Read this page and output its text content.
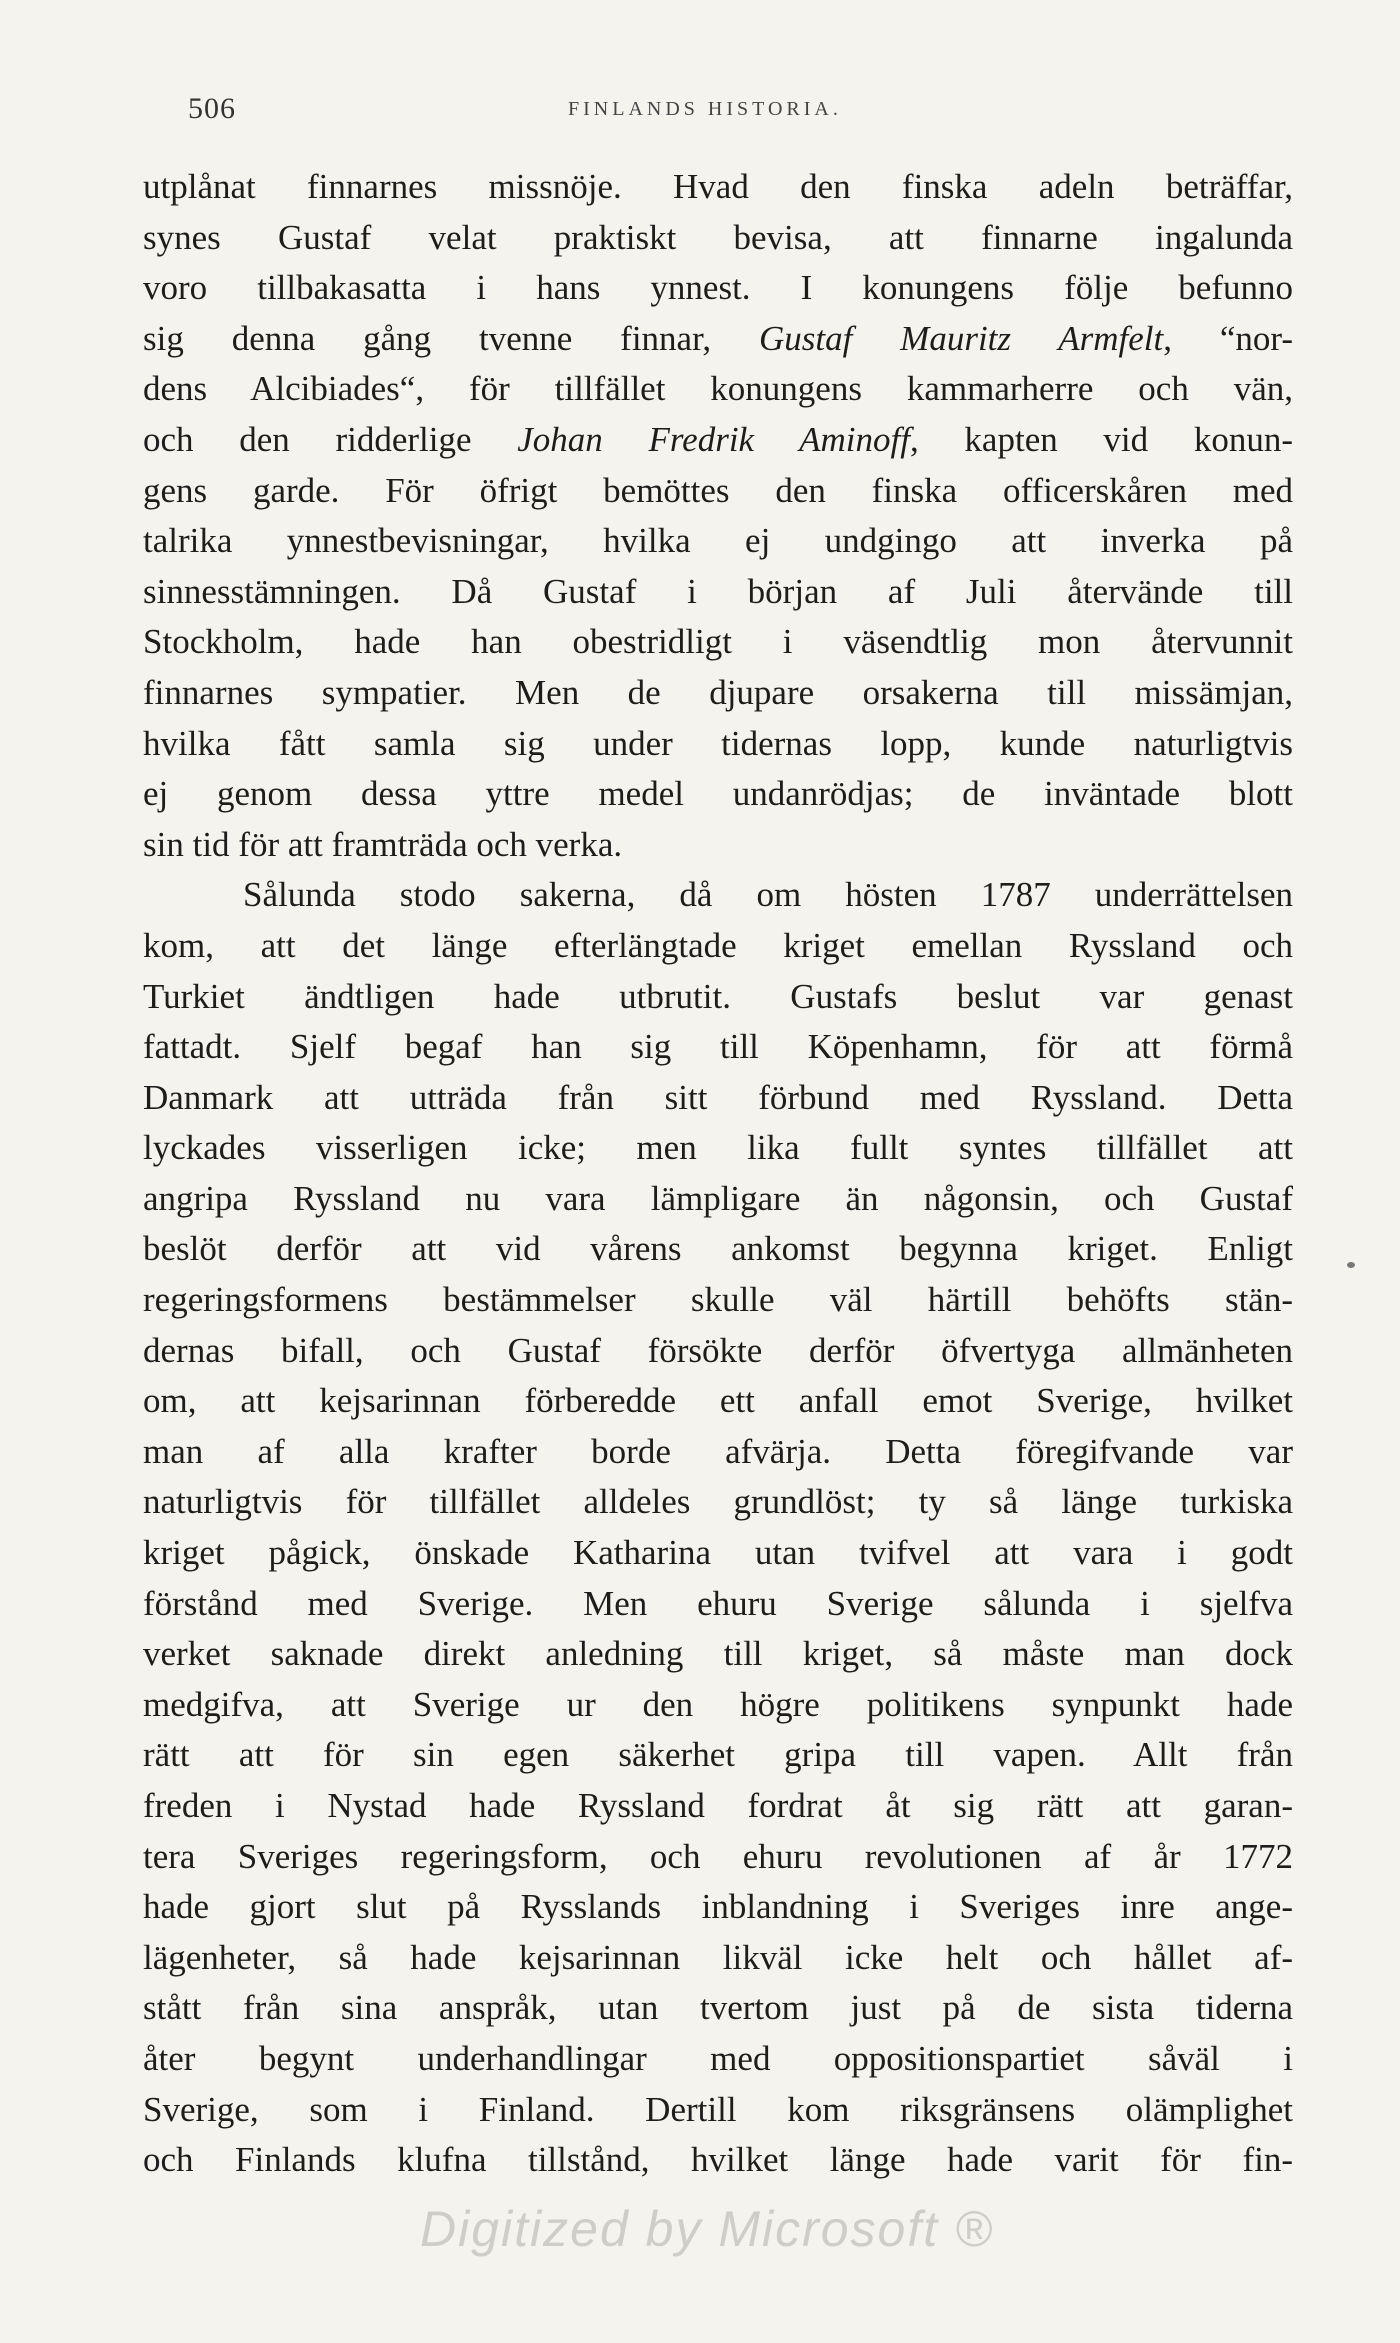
506	FINLANDS HISTORIA.
utplånat finnarnes missnöje. Hvad den finska adeln beträffar,
synes Gustaf velat praktiskt bevisa, att finnarne ingalunda
voro tillbakasatta i hans ynnest. I konungens följe befunno
sig denna gång tvenne finnar, Gustaf Mauritz Armfelt, “nor-
dens Alcibiades“, för tillfället konungens kammarherre och vän,
och den ridderlige Johan Fredrik Aminoff, kapten vid konun-
gens garde. För öfrigt bemöttes den finska officerskåren med
talrika ynnestbevisningar, hvilka ej undgingo att inverka på
sinnesstämningen. Då Gustaf i början af Juli återvände till
Stockholm, hade han obestridligt i väsendtlig mon återvunnit
finnarnes sympatier. Men de djupare orsakerna till missämjan,
hvilka fått samla sig under tidernas lopp, kunde naturligtvis
ej genom dessa yttre medel undanrödjas; de inväntade blott
sin tid för att framträda och verka.
Sålunda stodo sakerna, då om hösten 1787 underrättelsen
kom, att det länge efterlängtade kriget emellan Ryssland och
Turkiet ändtligen hade utbrutit. Gustafs beslut var genast
fattadt. Sjelf begaf han sig till Köpenhamn, för att förmå
Danmark att utträda från sitt förbund med Ryssland. Detta
lyckades visserligen icke; men lika fullt syntes tillfället att
angripa Ryssland nu vara lämpligare än någonsin, och Gustaf
beslöt derför att vid vårens ankomst begynna kriget. Enligt
regeringsformens bestämmelser skulle väl härtill behöfts stän-
dernas bifall, och Gustaf försökte derför öfvertyga allmänheten
om, att kejsarinnan förberedde ett anfall emot Sverige, hvilket
man af alla krafter borde afvärja. Detta föregifvande var
naturligtvis för tillfället alldeles grundlöst; ty så länge turkiska
kriget pågick, önskade Katharina utan tvifvel att vara i godt
förstånd med Sverige. Men ehuru Sverige sålunda i sjelfva
verket saknade direkt anledning till kriget, så måste man dock
medgifva, att Sverige ur den högre politikens synpunkt hade
rätt att för sin egen säkerhet gripa till vapen. Allt från
freden i Nystad hade Ryssland fordrat åt sig rätt att garan-
tera Sveriges regeringsform, och ehuru revolutionen af år 1772
hade gjort slut på Rysslands inblandning i Sveriges inre ange-
lägenheter, så hade kejsarinnan likväl icke helt och hållet af-
stått från sina anspråk, utan tvertom just på de sista tiderna
åter begynt underhandlingar med oppositionspartiet såväl i
Sverige, som i Finland. Dertill kom riksgränsens olämplighet
och Finlands klufna tillstånd, hvilket länge hade varit för fin-
Digitized by Microsoft ®
